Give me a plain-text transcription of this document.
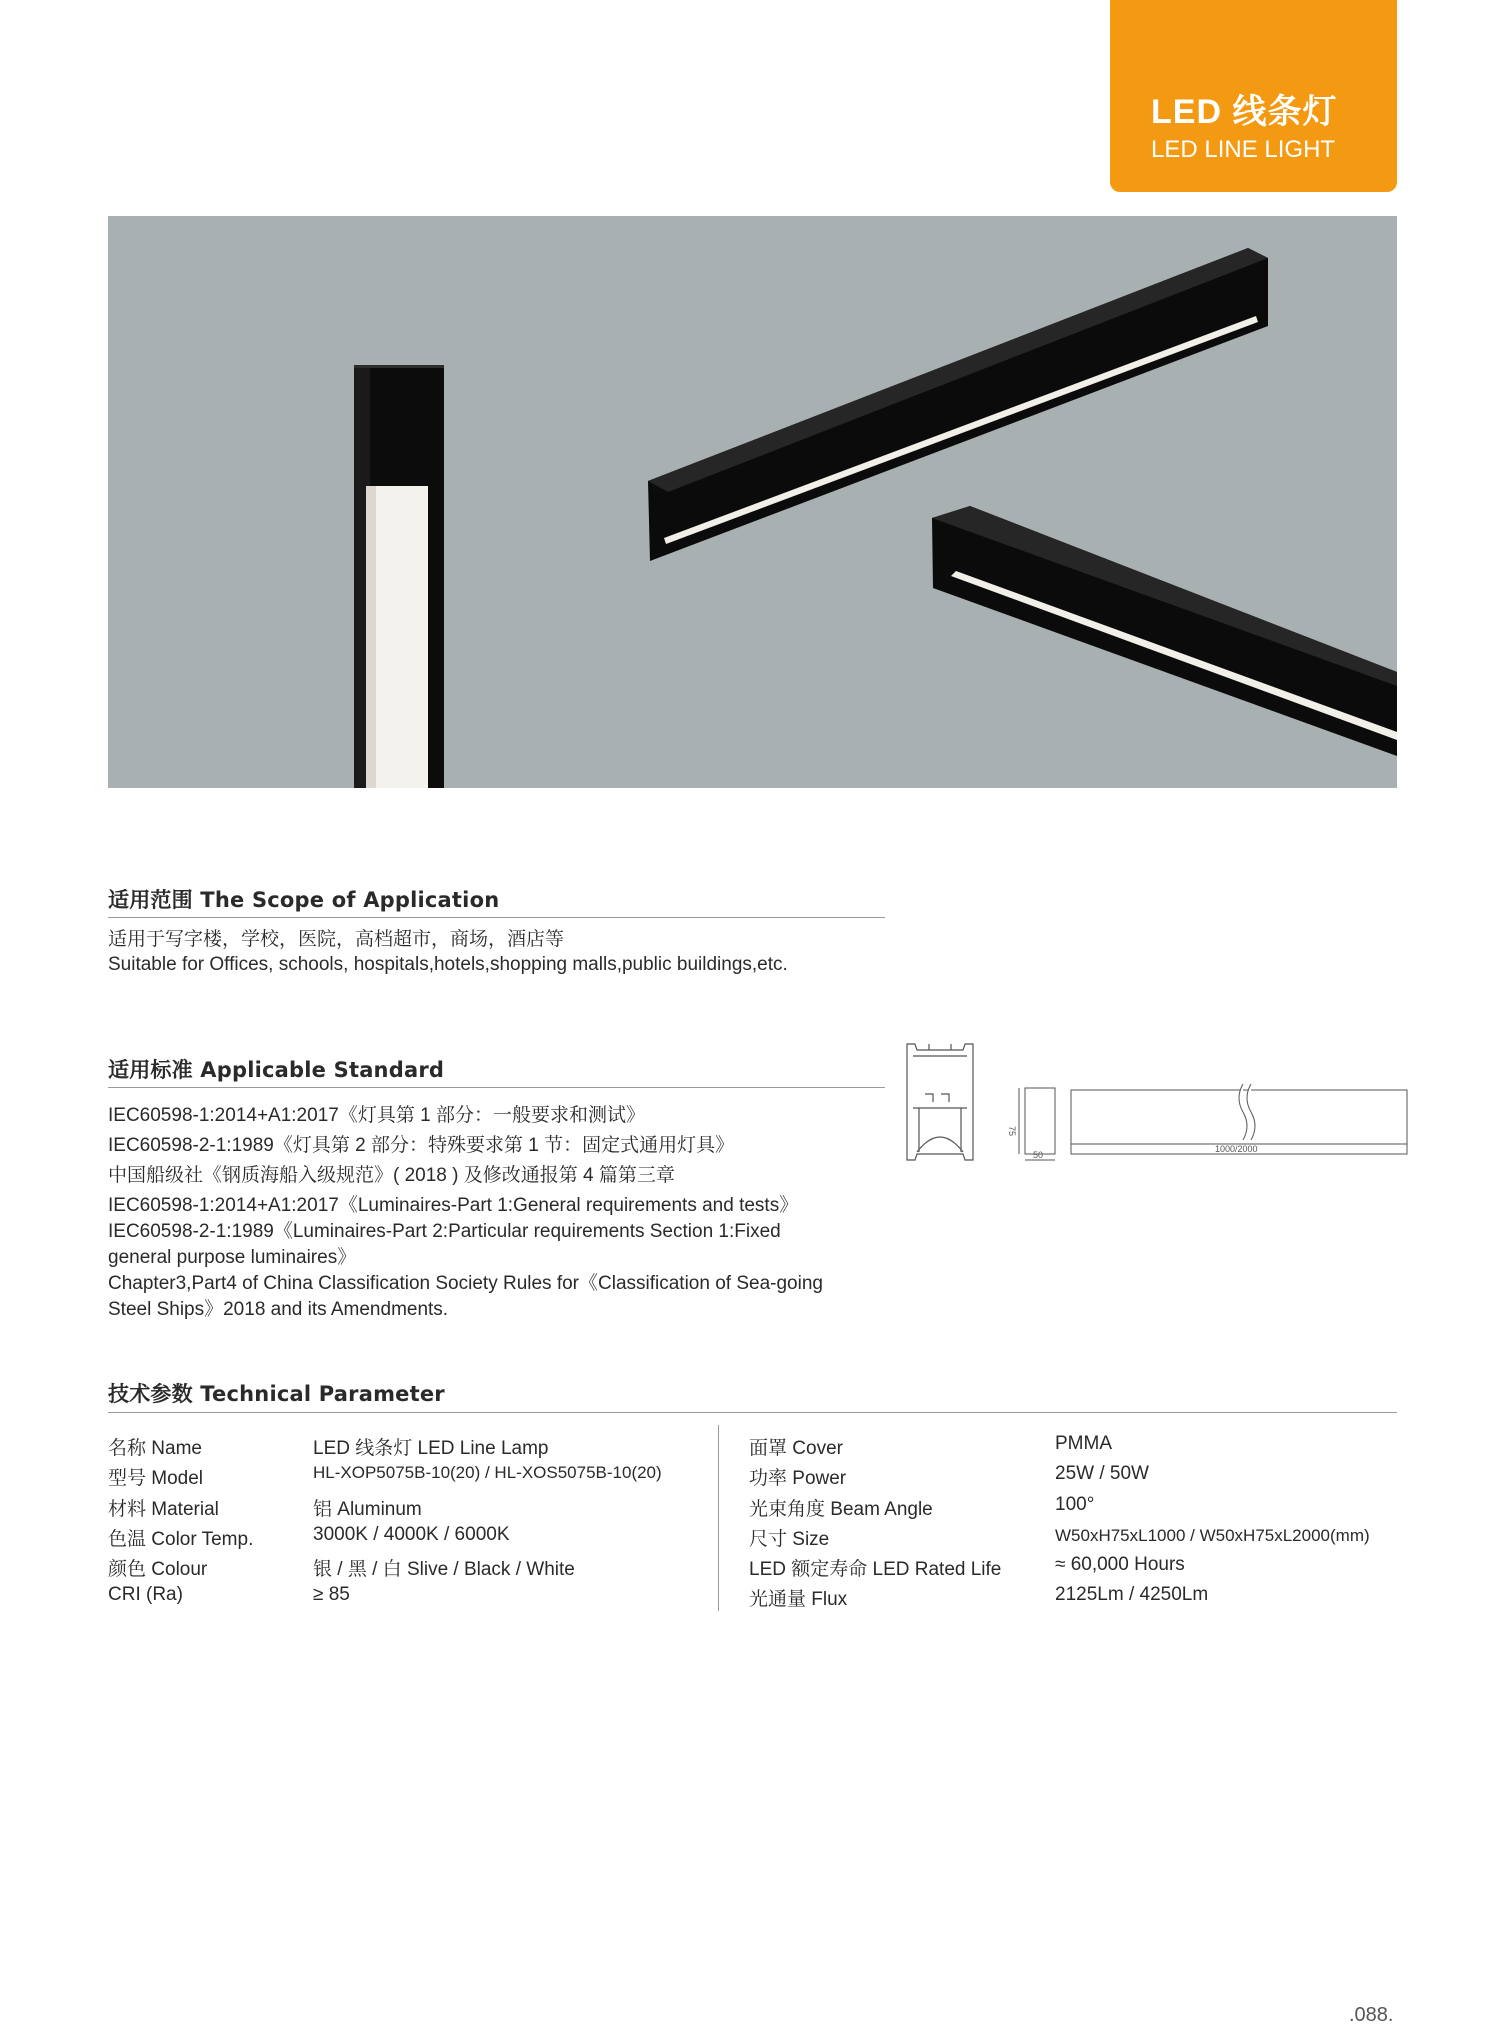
LED 线条灯
LED LINE LIGHT
适用范围 The Scope of Application
适用于写字楼，学校，医院，高档超市，商场，酒店等
Suitable for Offices, schools, hospitals,hotels,shopping malls,public buildings,etc.
适用标准 Applicable Standard
IEC60598-1:2014+A1:2017《灯具第 1 部分：一般要求和测试》
IEC60598-2-1:1989《灯具第 2 部分：特殊要求第 1 节：固定式通用灯具》
中国船级社《钢质海船入级规范》( 2018 ) 及修改通报第 4 篇第三章
IEC60598-1:2014+A1:2017《Luminaires-Part 1:General requirements and tests》
IEC60598-2-1:1989《Luminaires-Part 2:Particular requirements Section 1:Fixed
general purpose luminaires》
Chapter3,Part4 of China Classification Society Rules for《Classification of Sea-going
Steel Ships》2018 and its Amendments.
75
50
1000/2000
技术参数 Technical Parameter
名称 Name	LED 线条灯 LED Line Lamp
型号 Model	HL-XOP5075B-10(20) / HL-XOS5075B-10(20)
材料 Material	铝 Aluminum
色温 Color Temp.	3000K / 4000K / 6000K
颜色 Colour	银 / 黑 / 白 Slive / Black / White
CRI (Ra)	≥ 85
面罩 Cover	PMMA
功率 Power	25W / 50W
光束角度 Beam Angle	100°
尺寸 Size	W50xH75xL1000 / W50xH75xL2000(mm)
LED 额定寿命 LED Rated Life	≈ 60,000 Hours
光通量 Flux	2125Lm / 4250Lm
.088.
